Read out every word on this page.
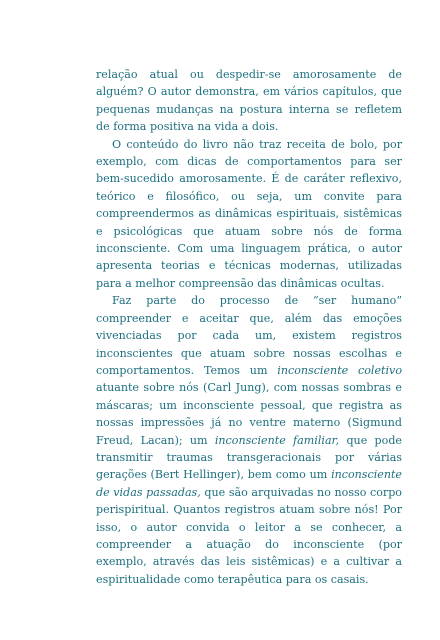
relação atual ou despedir-se amorosamente de alguém? O autor demonstra, em vários capítulos, que pequenas mudanças na postura interna se refletem de forma positiva na vida a dois.

O conteúdo do livro não traz receita de bolo, por exemplo, com dicas de comportamentos para ser bem-sucedido amorosamente. É de caráter reflexivo, teórico e filosófico, ou seja, um convite para compreendermos as dinâmicas espirituais, sistêmicas e psicológicas que atuam sobre nós de forma inconsciente. Com uma linguagem prática, o autor apresenta teorias e técnicas modernas, utilizadas para a melhor compreensão das dinâmicas ocultas.

Faz parte do processo de “ser humano” compreender e aceitar que, além das emoções vivenciadas por cada um, existem registros inconscientes que atuam sobre nossas escolhas e comportamentos. Temos um inconsciente coletivo atuante sobre nós (Carl Jung), com nossas sombras e máscaras; um inconsciente pessoal, que registra as nossas impressões já no ventre materno (Sigmund Freud, Lacan); um inconsciente familiar, que pode transmitir traumas transgeracionais por várias gerações (Bert Hellinger), bem como um inconsciente de vidas passadas, que são arquivadas no nosso corpo perispiritual. Quantos registros atuam sobre nós! Por isso, o autor convida o leitor a se conhecer, a compreender a atuação do inconsciente (por exemplo, através das leis sistêmicas) e a cultivar a espiritualidade como terapêutica para os casais.
